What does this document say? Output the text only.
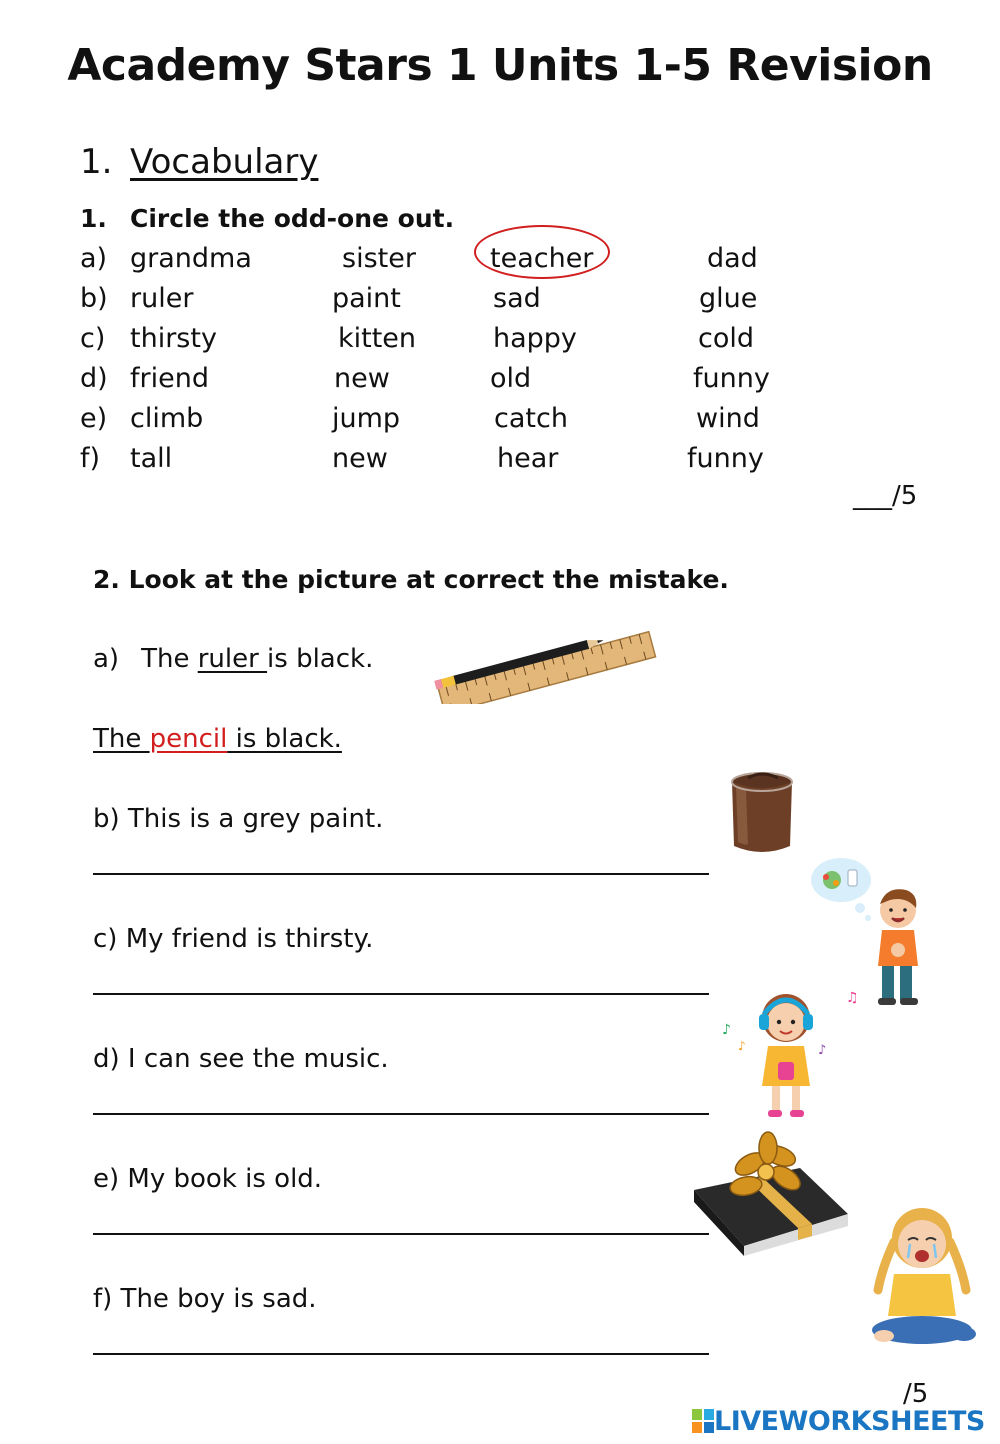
Academy Stars 1 Units 1-5 Revision
1. Vocabulary
1. Circle the odd-one out.
a) grandma	sister	teacher	dad
b) ruler	paint	sad	glue
c) thirsty	kitten	happy	cold
d) friend	new	old	funny
e) climb	jump	catch	wind
f) tall	new	hear	funny
___/5
2. Look at the picture at correct the mistake.
a) The ruler is black.
The pencil is black.
b) This is a grey paint.
c) My friend is thirsty.
d) I can see the music.
♫
♪
♪	♪
e) My book is old.
f) The boy is sad.
/5
LIVEWORKSHEETS
